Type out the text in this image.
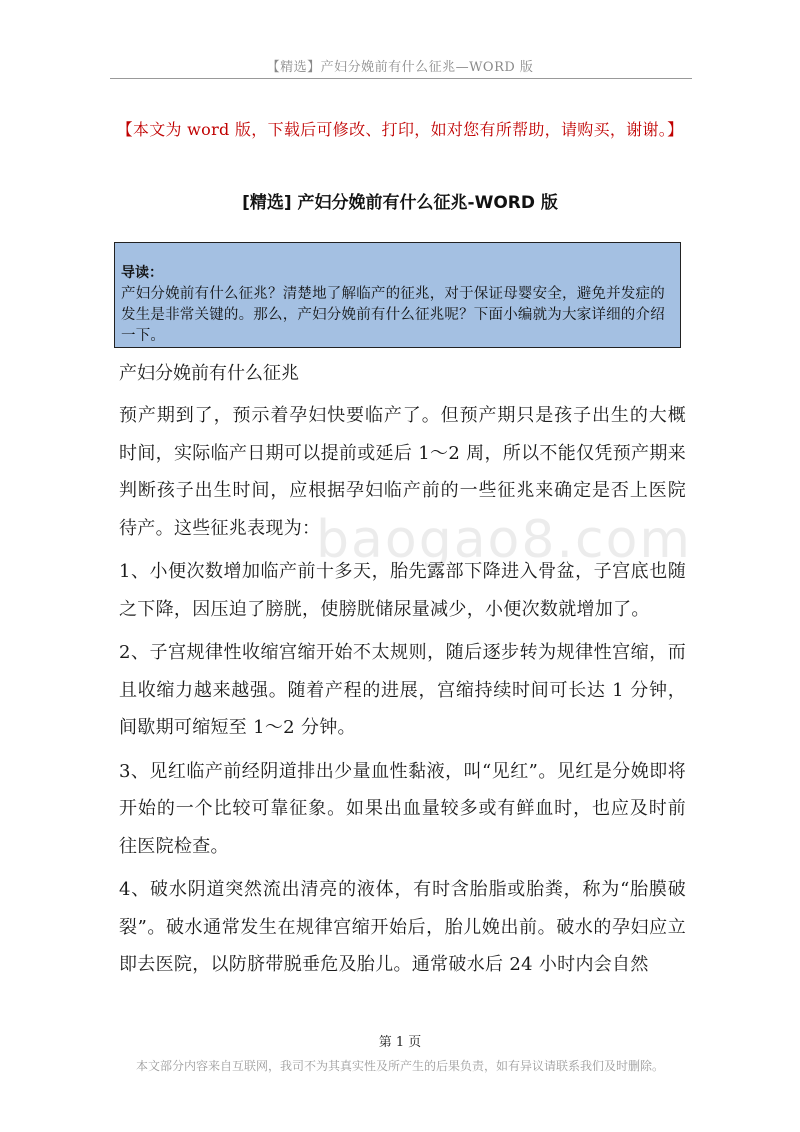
【精选】产妇分娩前有什么征兆—WORD 版
【本文为 word 版，下载后可修改、打印，如对您有所帮助，请购买，谢谢。】
[精选] 产妇分娩前有什么征兆-WORD 版
导读：
产妇分娩前有什么征兆？清楚地了解临产的征兆，对于保证母婴安全，避免并发症的发生是非常关键的。那么，产妇分娩前有什么征兆呢？下面小编就为大家详细的介绍一下。
baogao8.com

产妇分娩前有什么征兆

预产期到了，预示着孕妇快要临产了。但预产期只是孩子出生的大概时间，实际临产日期可以提前或延后 1～2 周，所以不能仅凭预产期来判断孩子出生时间，应根据孕妇临产前的一些征兆来确定是否上医院待产。这些征兆表现为：

1、小便次数增加临产前十多天，胎先露部下降进入骨盆，子宫底也随之下降，因压迫了膀胱，使膀胱储尿量减少，小便次数就增加了。

2、子宫规律性收缩宫缩开始不太规则，随后逐步转为规律性宫缩，而且收缩力越来越强。随着产程的进展，宫缩持续时间可长达 1 分钟，间歇期可缩短至 1～2 分钟。

3、见红临产前经阴道排出少量血性黏液，叫“见红”。见红是分娩即将开始的一个比较可靠征象。如果出血量较多或有鲜血时，也应及时前往医院检查。

4、破水阴道突然流出清亮的液体，有时含胎脂或胎粪，称为“胎膜破裂”。破水通常发生在规律宫缩开始后，胎儿娩出前。破水的孕妇应立即去医院，以防脐带脱垂危及胎儿。通常破水后 24 小时内会自然

第 1 页
本文部分内容来自互联网，我司不为其真实性及所产生的后果负责，如有异议请联系我们及时删除。
